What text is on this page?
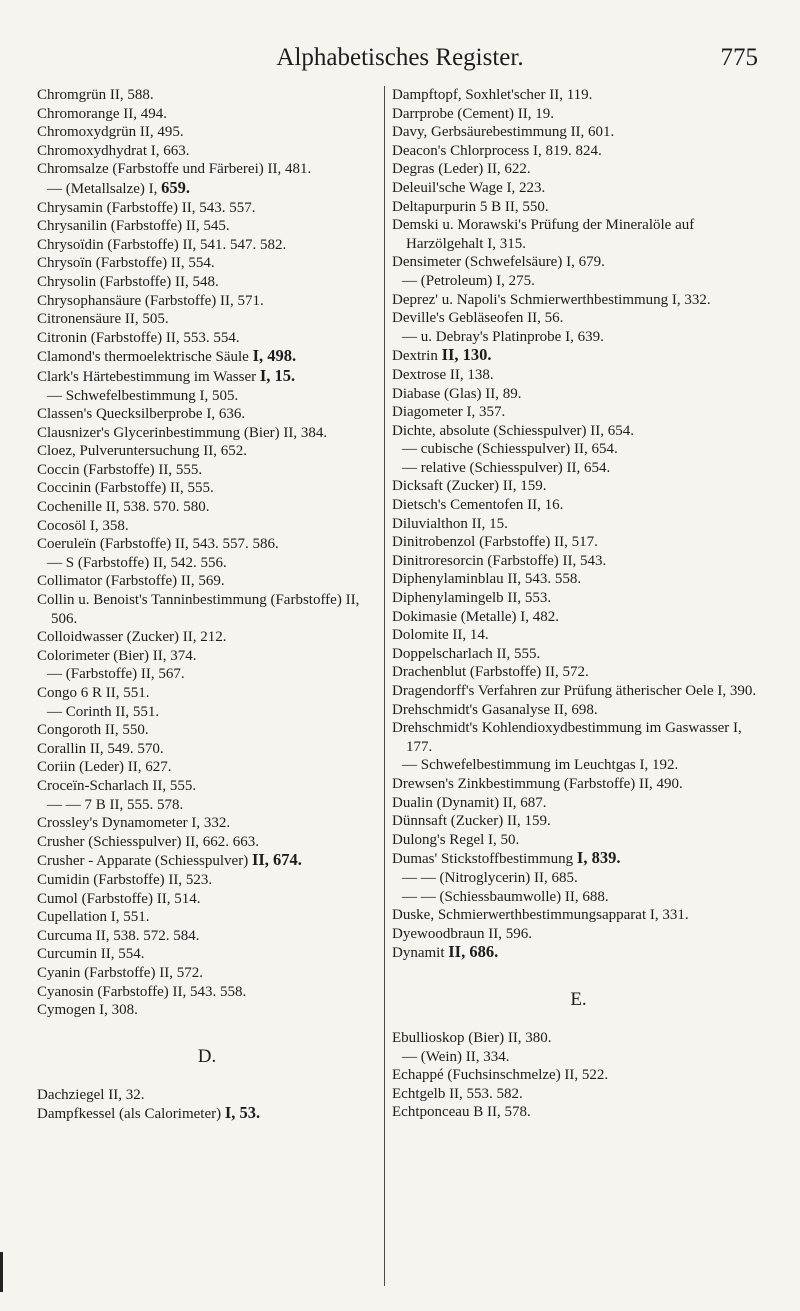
Alphabetisches Register.	775
Chromgrün II, 588.
Chromorange II, 494.
Chromoxydgrün II, 495.
Chromoxydhydrat I, 663.
Chromsalze (Farbstoffe und Färberei) II, 481.
— (Metallsalze) I, 659.
Chrysamin (Farbstoffe) II, 543. 557.
Chrysanilin (Farbstoffe) II, 545.
Chrysoïdin (Farbstoffe) II, 541. 547. 582.
Chrysoïn (Farbstoffe) II, 554.
Chrysolin (Farbstoffe) II, 548.
Chrysophansäure (Farbstoffe) II, 571.
Citronensäure II, 505.
Citronin (Farbstoffe) II, 553. 554.
Clamond's thermoelektrische Säule I, 498.
Clark's Härtebestimmung im Wasser I, 15.
— Schwefelbestimmung I, 505.
Classen's Quecksilberprobe I, 636.
Clausnizer's Glycerinbestimmung (Bier) II, 384.
Cloez, Pulveruntersuchung II, 652.
Coccin (Farbstoffe) II, 555.
Coccinin (Farbstoffe) II, 555.
Cochenille II, 538. 570. 580.
Cocosöl I, 358.
Coeruleïn (Farbstoffe) II, 543. 557. 586.
— S (Farbstoffe) II, 542. 556.
Collimator (Farbstoffe) II, 569.
Collin u. Benoist's Tanninbestimmung (Farbstoffe) II, 506.
Colloidwasser (Zucker) II, 212.
Colorimeter (Bier) II, 374.
— (Farbstoffe) II, 567.
Congo 6 R II, 551.
— Corinth II, 551.
Congoroth II, 550.
Corallin II, 549. 570.
Coriin (Leder) II, 627.
Croceïn-Scharlach II, 555.
— — 7 B II, 555. 578.
Crossley's Dynamometer I, 332.
Crusher (Schiesspulver) II, 662. 663.
Crusher - Apparate (Schiesspulver) II, 674.
Cumidin (Farbstoffe) II, 523.
Cumol (Farbstoffe) II, 514.
Cupellation I, 551.
Curcuma II, 538. 572. 584.
Curcumin II, 554.
Cyanin (Farbstoffe) II, 572.
Cyanosin (Farbstoffe) II, 543. 558.
Cymogen I, 308.
D.
Dachziegel II, 32.
Dampfkessel (als Calorimeter) I, 53.
Dampftopf, Soxhlet'scher II, 119.
Darrprobe (Cement) II, 19.
Davy, Gerbsäurebestimmung II, 601.
Deacon's Chlorprocess I, 819. 824.
Degras (Leder) II, 622.
Deleuil'sche Wage I, 223.
Deltapurpurin 5 B II, 550.
Demski u. Morawski's Prüfung der Mineralöle auf Harzölgehalt I, 315.
Densimeter (Schwefelsäure) I, 679.
— (Petroleum) I, 275.
Deprez' u. Napoli's Schmierwerthbestimmung I, 332.
Deville's Gebläseofen II, 56.
— u. Debray's Platinprobe I, 639.
Dextrin II, 130.
Dextrose II, 138.
Diabase (Glas) II, 89.
Diagometer I, 357.
Dichte, absolute (Schiesspulver) II, 654.
— cubische (Schiesspulver) II, 654.
— relative (Schiesspulver) II, 654.
Dicksaft (Zucker) II, 159.
Dietsch's Cementofen II, 16.
Diluvialthon II, 15.
Dinitrobenzol (Farbstoffe) II, 517.
Dinitroresorcin (Farbstoffe) II, 543.
Diphenylaminblau II, 543. 558.
Diphenylamingelb II, 553.
Dokimasie (Metalle) I, 482.
Dolomite II, 14.
Doppelscharlach II, 555.
Drachenblut (Farbstoffe) II, 572.
Dragendorff's Verfahren zur Prüfung ätherischer Oele I, 390.
Drehschmidt's Gasanalyse II, 698.
Drehschmidt's Kohlendioxydbestimmung im Gaswasser I, 177.
— Schwefelbestimmung im Leuchtgas I, 192.
Drewsen's Zinkbestimmung (Farbstoffe) II, 490.
Dualin (Dynamit) II, 687.
Dünnsaft (Zucker) II, 159.
Dulong's Regel I, 50.
Dumas' Stickstoffbestimmung I, 839.
— — (Nitroglycerin) II, 685.
— — (Schiessbaumwolle) II, 688.
Duske, Schmierwerthbestimmungsapparat I, 331.
Dyewoodbraun II, 596.
Dynamit II, 686.
E.
Ebullioskop (Bier) II, 380.
— (Wein) II, 334.
Echappé (Fuchsinschmelze) II, 522.
Echtgelb II, 553. 582.
Echtponceau B II, 578.
